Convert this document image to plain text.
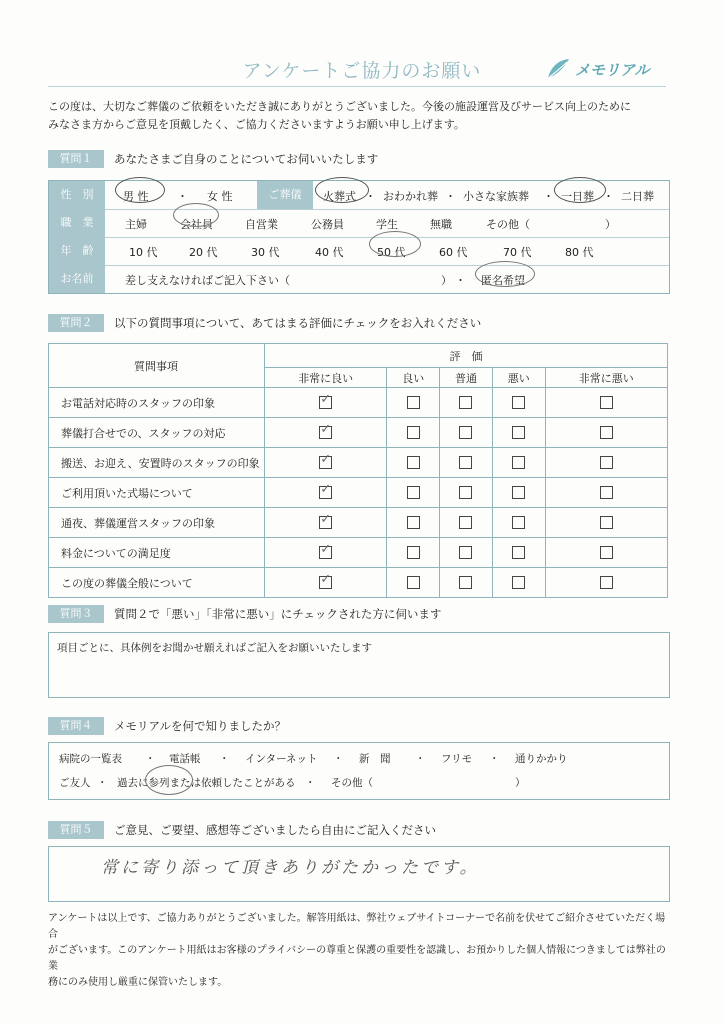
アンケートご協力のお願い	メモリアル
この度は、大切なご葬儀のご依頼をいただき誠にありがとうございました。今後の施設運営及びサービス向上のために
みなさま方からご意見を頂戴したく、ご協力くださいますようお願い申し上げます。
質問１	あなたさまご自身のことについてお伺いいたします
性　別	男 性	・ 女 性	ご葬儀	火葬式 ・ おわかれ葬 ・ 小さな家族葬 ・ 一日葬 ・ 二日葬
職　業	主婦	会社員	自営業	公務員	学生	無職	その他（	）
年　齢	10 代	20 代	30 代	40 代	50 代	60 代	70 代	80 代
お名前	差し支えなければご記入下さい（	） ・ 匿名希望
質問２	以下の質問事項について、あてはまる評価にチェックをお入れください
質問事項	評　価				
	非常に良い	良い	普通	悪い	非常に悪い
お電話対応時のスタッフの印象	✓				
葬儀打合せでの、スタッフの対応	✓				
搬送、お迎え、安置時のスタッフの印象	✓				
ご利用頂いた式場について	✓				
通夜、葬儀運営スタッフの印象	✓				
料金についての満足度	✓				
この度の葬儀全般について	✓				
質問３	質問２で「悪い」「非常に悪い」にチェックされた方に伺います
項目ごとに、具体例をお聞かせ願えればご記入をお願いいたします
質問４	メモリアルを何で知りましたか？
病院の一覧表 ・ 電話帳 ・ インターネット ・ 新　聞 ・ フリモ ・ 通りかかり
ご友人 ・ 過去に参列または依頼したことがある ・ その他（	）
質問５	ご意見、ご要望、感想等ございましたら自由にご記入ください
常に寄り添って頂きありがたかったです。
アンケートは以上です、ご協力ありがとうございました。解答用紙は、弊社ウェブサイトコーナーで名前を伏せてご紹介させていただく場合
がございます。このアンケート用紙はお客様のプライバシーの尊重と保護の重要性を認識し、お預かりした個人情報につきましては弊社の業
務にのみ使用し厳重に保管いたします。
